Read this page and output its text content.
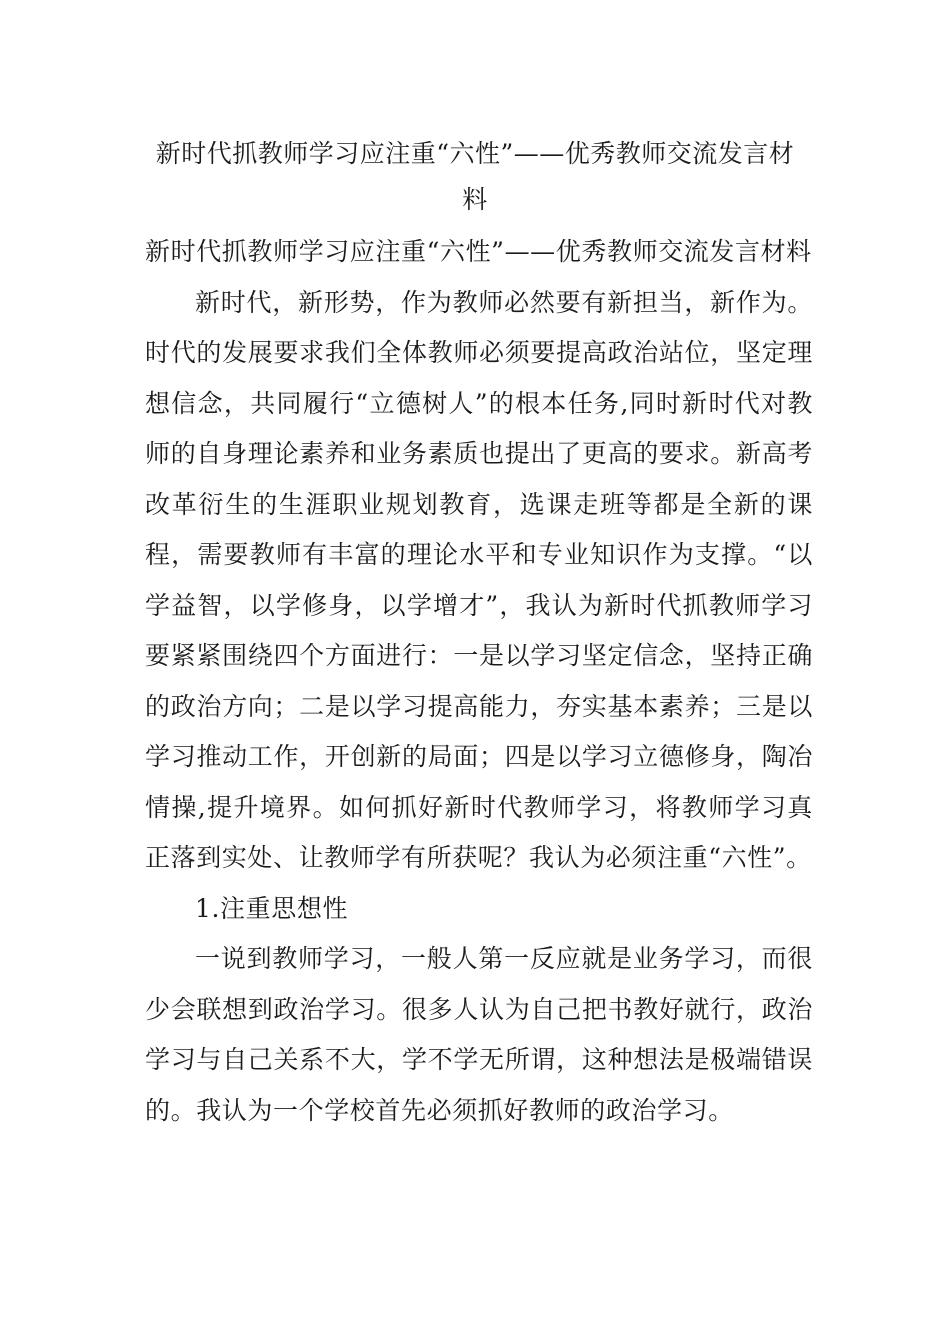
新时代抓教师学习应注重“六性”——优秀教师交流发言材料

新时代抓教师学习应注重“六性”——优秀教师交流发言材料

新时代，新形势，作为教师必然要有新担当，新作为。时代的发展要求我们全体教师必须要提高政治站位，坚定理想信念，共同履行“立德树人”的根本任务,同时新时代对教师的自身理论素养和业务素质也提出了更高的要求。新高考改革衍生的生涯职业规划教育，选课走班等都是全新的课程，需要教师有丰富的理论水平和专业知识作为支撑。“以学益智，以学修身，以学增才”，我认为新时代抓教师学习要紧紧围绕四个方面进行：一是以学习坚定信念，坚持正确的政治方向；二是以学习提高能力，夯实基本素养；三是以学习推动工作，开创新的局面；四是以学习立德修身，陶冶情操,提升境界。如何抓好新时代教师学习，将教师学习真正落到实处、让教师学有所获呢？我认为必须注重“六性”。

1.注重思想性

一说到教师学习，一般人第一反应就是业务学习，而很少会联想到政治学习。很多人认为自己把书教好就行，政治学习与自己关系不大，学不学无所谓，这种想法是极端错误的。我认为一个学校首先必须抓好教师的政治学习。
